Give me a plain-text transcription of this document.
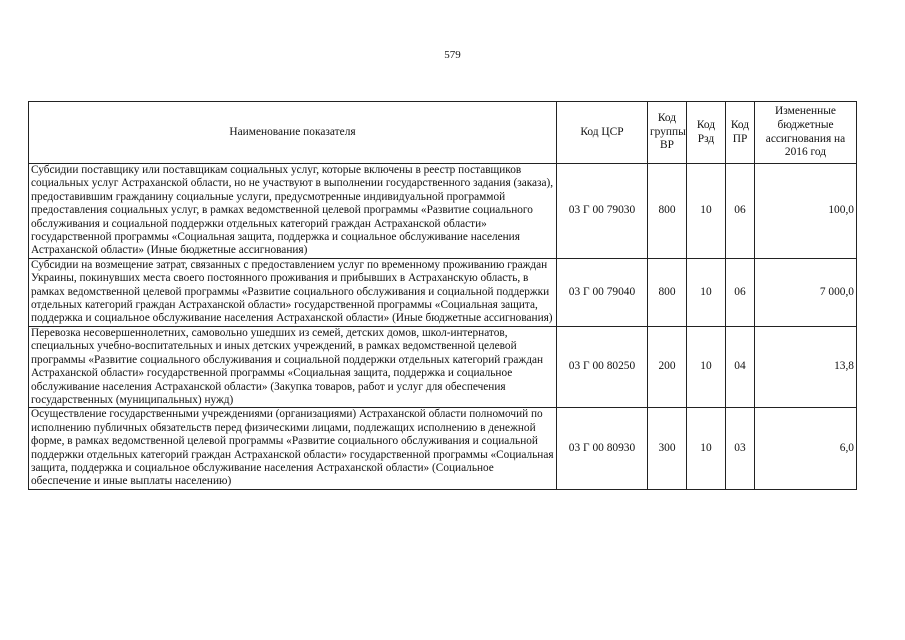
579
Наименование показателя	Код ЦСР	Код группы ВР	Код Рзд	Код ПР	Измененные бюджетные ассигнования на 2016 год
Субсидии поставщику или поставщикам социальных услуг, которые включены в реестр поставщиков социальных услуг Астраханской области, но не участвуют в выполнении государственного задания (заказа), предоставившим гражданину социальные услуги, предусмотренные индивидуальной программой предоставления социальных услуг, в рамках ведомственной целевой программы «Развитие социального обслуживания и социальной поддержки отдельных категорий граждан Астраханской области» государственной программы «Социальная защита, поддержка и социальное обслуживание населения Астраханской области» (Иные бюджетные ассигнования)	03 Г 00 79030	800	10	06	100,0
Субсидии на возмещение затрат, связанных с предоставлением услуг по временному проживанию граждан Украины, покинувших места своего постоянного проживания и прибывших в Астраханскую область, в рамках ведомственной целевой программы «Развитие социального обслуживания и социальной поддержки отдельных категорий граждан Астраханской области» государственной программы «Социальная защита, поддержка и социальное обслуживание населения Астраханской области» (Иные бюджетные ассигнования)	03 Г 00 79040	800	10	06	7 000,0
Перевозка несовершеннолетних, самовольно ушедших из семей, детских домов, школ-интернатов, специальных учебно-воспитательных и иных детских учреждений, в рамках ведомственной целевой программы «Развитие социального обслуживания и социальной поддержки отдельных категорий граждан Астраханской области» государственной программы «Социальная защита, поддержка и социальное обслуживание населения Астраханской области» (Закупка товаров, работ и услуг для обеспечения государственных (муниципальных) нужд)	03 Г 00 80250	200	10	04	13,8
Осуществление государственными учреждениями (организациями) Астраханской области полномочий по исполнению публичных обязательств перед физическими лицами, подлежащих исполнению в денежной форме, в рамках ведомственной целевой программы «Развитие социального обслуживания и социальной поддержки отдельных категорий граждан Астраханской области» государственной программы «Социальная защита, поддержка и социальное обслуживание населения Астраханской области» (Социальное обеспечение и иные выплаты населению)	03 Г 00 80930	300	10	03	6,0
